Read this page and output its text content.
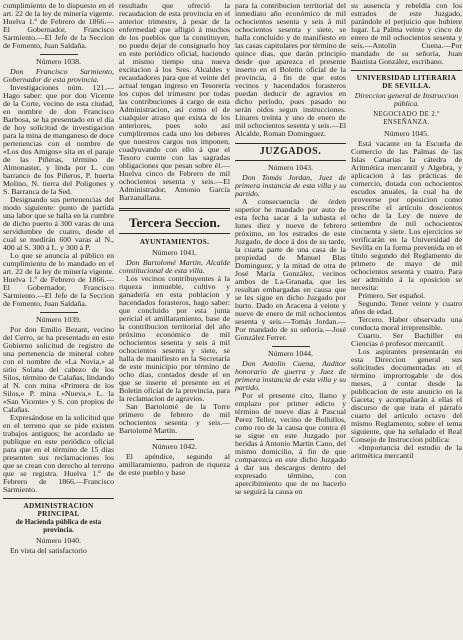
cumplimiento de lo dispuesto en el art. 22 de la ley de minería vigente. Huelva 1.º de Febrero de 1866.—El Gobernador, Francisco Sarmiento.—El Jefe de la Seccion de Fomento, Juan Saldaña.

Número 1038.

Don Francisco Sarmiento, Gobernador de esta provincia.

Investigaciones núm. 121.—Hago saber: que por don Vicente de la Corte, vecino de esta ciudad, en nombre de don Francisco Barbosa, se ha presentado en el dia de hoy solicitud de investigacion para la mina de manganeso de doce pertenencias con el nombre de «Los dos Amigos» sita en el paraje de las Piñeras, término de Almonaster, y linda por L. con barranco de los Piñeros, P. huerta Molino, N. tierra del Poligones y S. Barranca de la Sed.

Designando sus pertenencias del modo siguiente: punto de partida una labor que se halla en la cumbre de dicho puerto á 300 varas de una servidumbre de cuatro, desde el cual se medirán 600 varas al N., 400 al S. 300 á L. y 300 á P.

Lo que se anuncia al público en cumplimiento de lo mandado en el art. 22 de la ley de minería vigente. Huelva 1.º de Febrero de 1866.—El Gobernador, Francisco Sarmiento.—El Jefe de la Seccion de Fomento, Juan Saldaña.

Número 1039.

Por don Emilio Bezant, vecino del Cerro, se ha presentado en este Gobierno solicitud de registro de una pertenencia de mineral cobre con el nombre de «La Novia,» al sitio Solana del cabezo de los Silos, término de Calañas, lindando al N. con mina «Primera de los Silos,» P. mina «Nueva,» L. la «San Vicente» y S. con propios de Calañas.

Expresándose en la solicitud que en el terreno que se pide existen trabajos antiguos; he acordado se publique en este periódico oficial para que en el término de 15 dias presenten sus reclamaciones los que se crean con derecho al terreno que se registra. Huelva 1.º de Febrero de 1866.—Francisco Sarmiento.

ADMINISTRACION PRINCIPAL
de Hacienda pública de esta provincia.
Número 1040.

En vista del satisfactorio

resultado que ofreció la recaudacion de esta provincia en el anterior trimestre, á pesar de la enfermedad que afligió á muchos de los pueblos que la constituyen, no puedo dejar de consignarlo hoy en este periódico oficial, haciendo al mismo tiempo una nueva excitacion á los Sres. Alcaldes y recaudadores para que el veinte del actual tengan ingreso en Tesorería los cupos del trimestre por todas las contribuciones á cargo de esta Administracion, así como el de cualquier atraso que exista de los anteriores, pues solo así cumpliremos cada uno los deberes que nuestros cargos nos imponen, coadyuvando con ello á que el Tesoro cuente con las sagradas obligaciones que pesan sobre él.—Huelva cinco de Febrero de mil ochocientos sesenta y seis.—El Administrador, Antonio García Barzanallana.

Tercera Seccion.
AYUNTAMIENTOS.
Número 1041.

Don Bartolomé Martin, Alcalde constitucional de esta villa.

Los vecinos contribuyentes á la riqueza inmueble, cultivo y ganadería en esta poblacion y hacendados forasteros, hago saber: que concluido por esta junta pericial el amillaramiento, base de la contribucion territorial del año próximo económico de mil ochocientos sesenta y seis á mil ochocientos sesenta y siete, se halla de manifiesto en la Secretaría de este municipio por término de ocho dias, contados desde el en que se inserte el presente en el Boletin oficial de la provincia, para la reclamacion de agravios.

San Bartolomé de la Torre primero de febrero de mil ochocientos sesenta y seis.—Bartolomé Martin.

Número 1042.

El apéndice, segundo al amillaramiento, padron de riqueza de este pueblo y base

para la contribucion territorial del inmediato año económico de mil ochocientos sesenta y seis á mil ochocientos sesenta y siete, se halla concluido y de manifiesto en las casas capitulares por término de quince dias, que darán principio desde que aparezca el presente inserto en el Boletin oficial de la provincia, á fin de que estos vecinos y hacendados forasteros puedan deducir de agravios en dicho período, pues pasado no serán oidos segun instrucciones. Linares treinta y uno de enero de mil ochocientos sesenta y seis.—El Alcalde, Roman Dominguez.

JUZGADOS.
Número 1043.

Don Tomás Jordan, Juez de primera instancia de esta villa y su partido.

A consecuencia de órden superior he mandado por auto de esta fecha sacar á la subasta el lunes diez y nueve de febrero próximo, en los estrados de este Juzgado, de doce á dos de su tarde, la cuarta parte de una casa de la propiedad de Manuel Blas Dominguez, y la mitad de otra de José María González, vecinos ambos de La-Granada, que les resultan embargadas en causa que se les sigue en dicho Juzgado por hurto. Dado en Aracena á veinte y nueve de enero de mil ochocientos sesenta y seis.—Tomás Jordan.—Por mandado de su señoría.—José González Ferrer.

Número 1044.

Don Antolin Cuena, Auditor honorario de guerra y Juez de primera instancia de esta villa y su partido.

Por el presente cito, llamo y emplazo por primer edicto y término de nueve dias á Pascual Perez Tellez, vecino de Bollullos, como reo de la causa que contra él se sigue en este Juzgado por heridas á Antonio Martin Cano, del mismo domicilio, á fin de que comparezca en este dicho Juzgado á dar sus descargos dentro del expresado término, con apercibimiento que de no hacerlo se seguirá la causa en

su ausencia y rebeldía con los estrados de este Juzgado, parándole el perjuicio que hubiere lugar. La Palma veinte y cinco de enero de mil ochocientos sesenta y seis.—Antolin Cuena.—Por mandado de su señoría, Juan Bautista González, escribano.

UNIVERSIDAD LITERARIA DE SEVILLA.
Direccion general de Instruccion pública.
NEGOCIADO DE 2.º ENSEÑANZA.
Número 1045.

Está vacante en la Escuela de Comercio de las Palmas de las Islas Canarias la cátedra de Aritmética mercantil y Algebra, y aplicacion á las prácticas de comercio, dotada con ochocientos escudos anuales, la cual ha de proveerse por oposicion como prescribe el artículo doscientos ocho de la Ley de nueve de setiembre de mil ochocientos cincuenta y siete. Los ejercicios se verificarán en la Universidad de Sevilla en la forma prevenida en el título segundo del Reglamento de primero de mayo de mil ochocientos sesenta y cuatro. Para ser admitido á la oposicion se necesita:

Primero. Ser español.

Segundo. Tener veinte y cuatro años de edad.

Tercero. Haber observado una conducta moral irreprensible.

Cuarto. Ser Bachiller en Ciencias ó profesor mercantil.

Los aspirantes presentarán en esta Direccion general sus solicitudes documentadas en el término improrrogable de dos meses, á contar desde la publicacion de este anuncio en la Gaceta; y acompañarán á ellas el discurso de que trata el párrafo cuarto del artículo octavo del mismo Reglamento, sobre el tema siguiente, que ha señalado el Real Consejo de Instruccion pública:

«Importancia del estudio de la aritmética mercantil
